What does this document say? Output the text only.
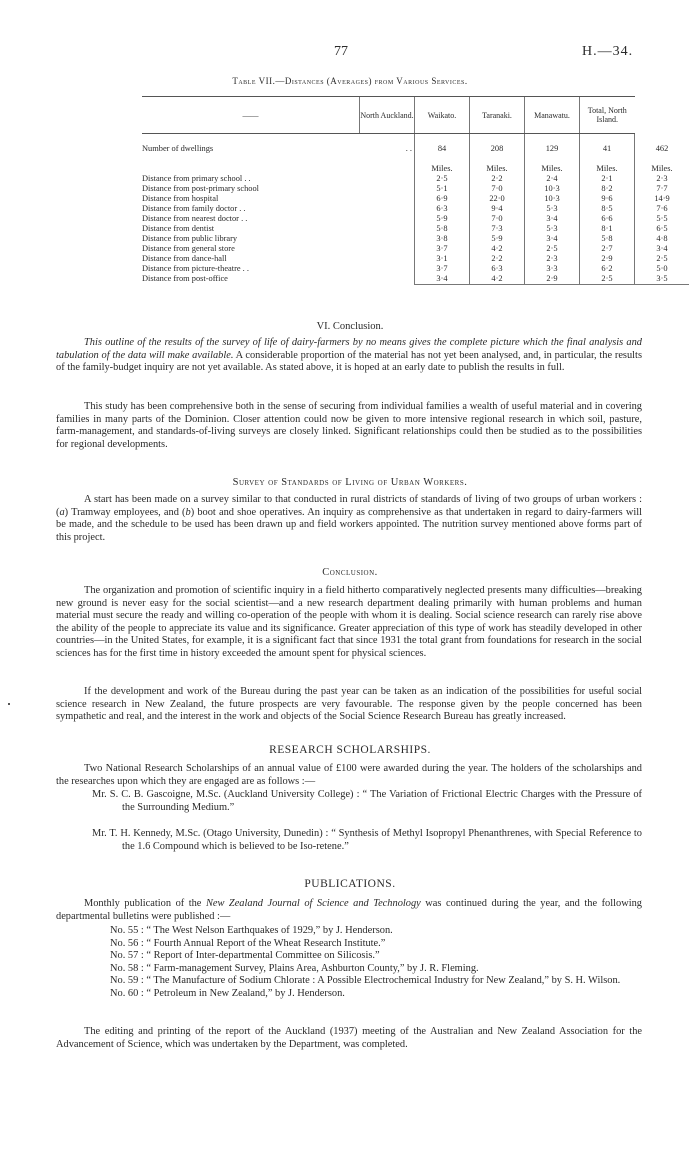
77	H.—34.
Table VII.—Distances (Averages) from Various Services.
——	North Auckland.	Waikato.	Taranaki.	Manawatu.	Total, North Island.	

Number of dwellings	. .	84	208	129	41	462

		Miles.	Miles.	Miles.	Miles.	Miles.
Distance from primary school . .		2·5	2·2	2·4	2·1	2·3
Distance from post-primary school		5·1	7·0	10·3	8·2	7·7
Distance from hospital		6·9	22·0	10·3	9·6	14·9
Distance from family doctor . .		6·3	9·4	5·3	8·5	7·6
Distance from nearest doctor . .		5·9	7·0	3·4	6·6	5·5
Distance from dentist		5·8	7·3	5·3	8·1	6·5
Distance from public library		3·8	5·9	3·4	5·8	4·8
Distance from general store		3·7	4·2	2·5	2·7	3·4
Distance from dance-hall		3·1	2·2	2·3	2·9	2·5
Distance from picture-theatre . .		3·7	6·3	3·3	6·2	5·0
Distance from post-office		3·4	4·2	2·9	2·5	3·5
VI. Conclusion.
This outline of the results of the survey of life of dairy-farmers by no means gives the complete picture which the final analysis and tabulation of the data will make available. A considerable proportion of the material has not yet been analysed, and, in particular, the results of the family-budget inquiry are not yet available. As stated above, it is hoped at an early date to publish the results in full.
This study has been comprehensive both in the sense of securing from individual families a wealth of useful material and in covering families in many parts of the Dominion. Closer attention could now be given to more intensive regional research in which soil, pasture, farm-management, and standards-of-living surveys are closely linked. Significant relationships could then be studied as to the possibilities for regional developments.
Survey of Standards of Living of Urban Workers.
A start has been made on a survey similar to that conducted in rural districts of standards of living of two groups of urban workers : (a) Tramway employees, and (b) boot and shoe operatives. An inquiry as comprehensive as that undertaken in regard to dairy-farmers will be made, and the schedule to be used has been drawn up and field workers appointed. The nutrition survey mentioned above forms part of this project.
Conclusion.
The organization and promotion of scientific inquiry in a field hitherto comparatively neglected presents many difficulties—breaking new ground is never easy for the social scientist—and a new research department dealing primarily with human problems and human material must secure the ready and willing co-operation of the people with whom it is dealing. Social science research can rarely rise above the ability of the people to appreciate its value and its significance. Greater appreciation of this type of work has steadily developed in other countries—in the United States, for example, it is a significant fact that since 1931 the total grant from foundations for research in the social sciences has for the first time in history exceeded the amount spent for physical sciences.
If the development and work of the Bureau during the past year can be taken as an indication of the possibilities for useful social science research in New Zealand, the future prospects are very favourable. The response given by the people concerned has been sympathetic and real, and the interest in the work and objects of the Social Science Research Bureau has greatly increased.
RESEARCH SCHOLARSHIPS.
Two National Research Scholarships of an annual value of £100 were awarded during the year. The holders of the scholarships and the researches upon which they are engaged are as follows :—
Mr. S. C. B. Gascoigne, M.Sc. (Auckland University College) : “ The Variation of Frictional Electric Charges with the Pressure of the Surrounding Medium.”
Mr. T. H. Kennedy, M.Sc. (Otago University, Dunedin) : “ Synthesis of Methyl Isopropyl Phenanthrenes, with Special Reference to the 1.6 Compound which is believed to be Iso-retene.”
PUBLICATIONS.
Monthly publication of the New Zealand Journal of Science and Technology was continued during the year, and the following departmental bulletins were published :—
No. 55 : “ The West Nelson Earthquakes of 1929,” by J. Henderson.
No. 56 : “ Fourth Annual Report of the Wheat Research Institute.”
No. 57 : “ Report of Inter-departmental Committee on Silicosis.”
No. 58 : “ Farm-management Survey, Plains Area, Ashburton County,” by J. R. Fleming.
No. 59 : “ The Manufacture of Sodium Chlorate : A Possible Electrochemical Industry for New Zealand,” by S. H. Wilson.
No. 60 : “ Petroleum in New Zealand,” by J. Henderson.
The editing and printing of the report of the Auckland (1937) meeting of the Australian and New Zealand Association for the Advancement of Science, which was undertaken by the Department, was completed.
